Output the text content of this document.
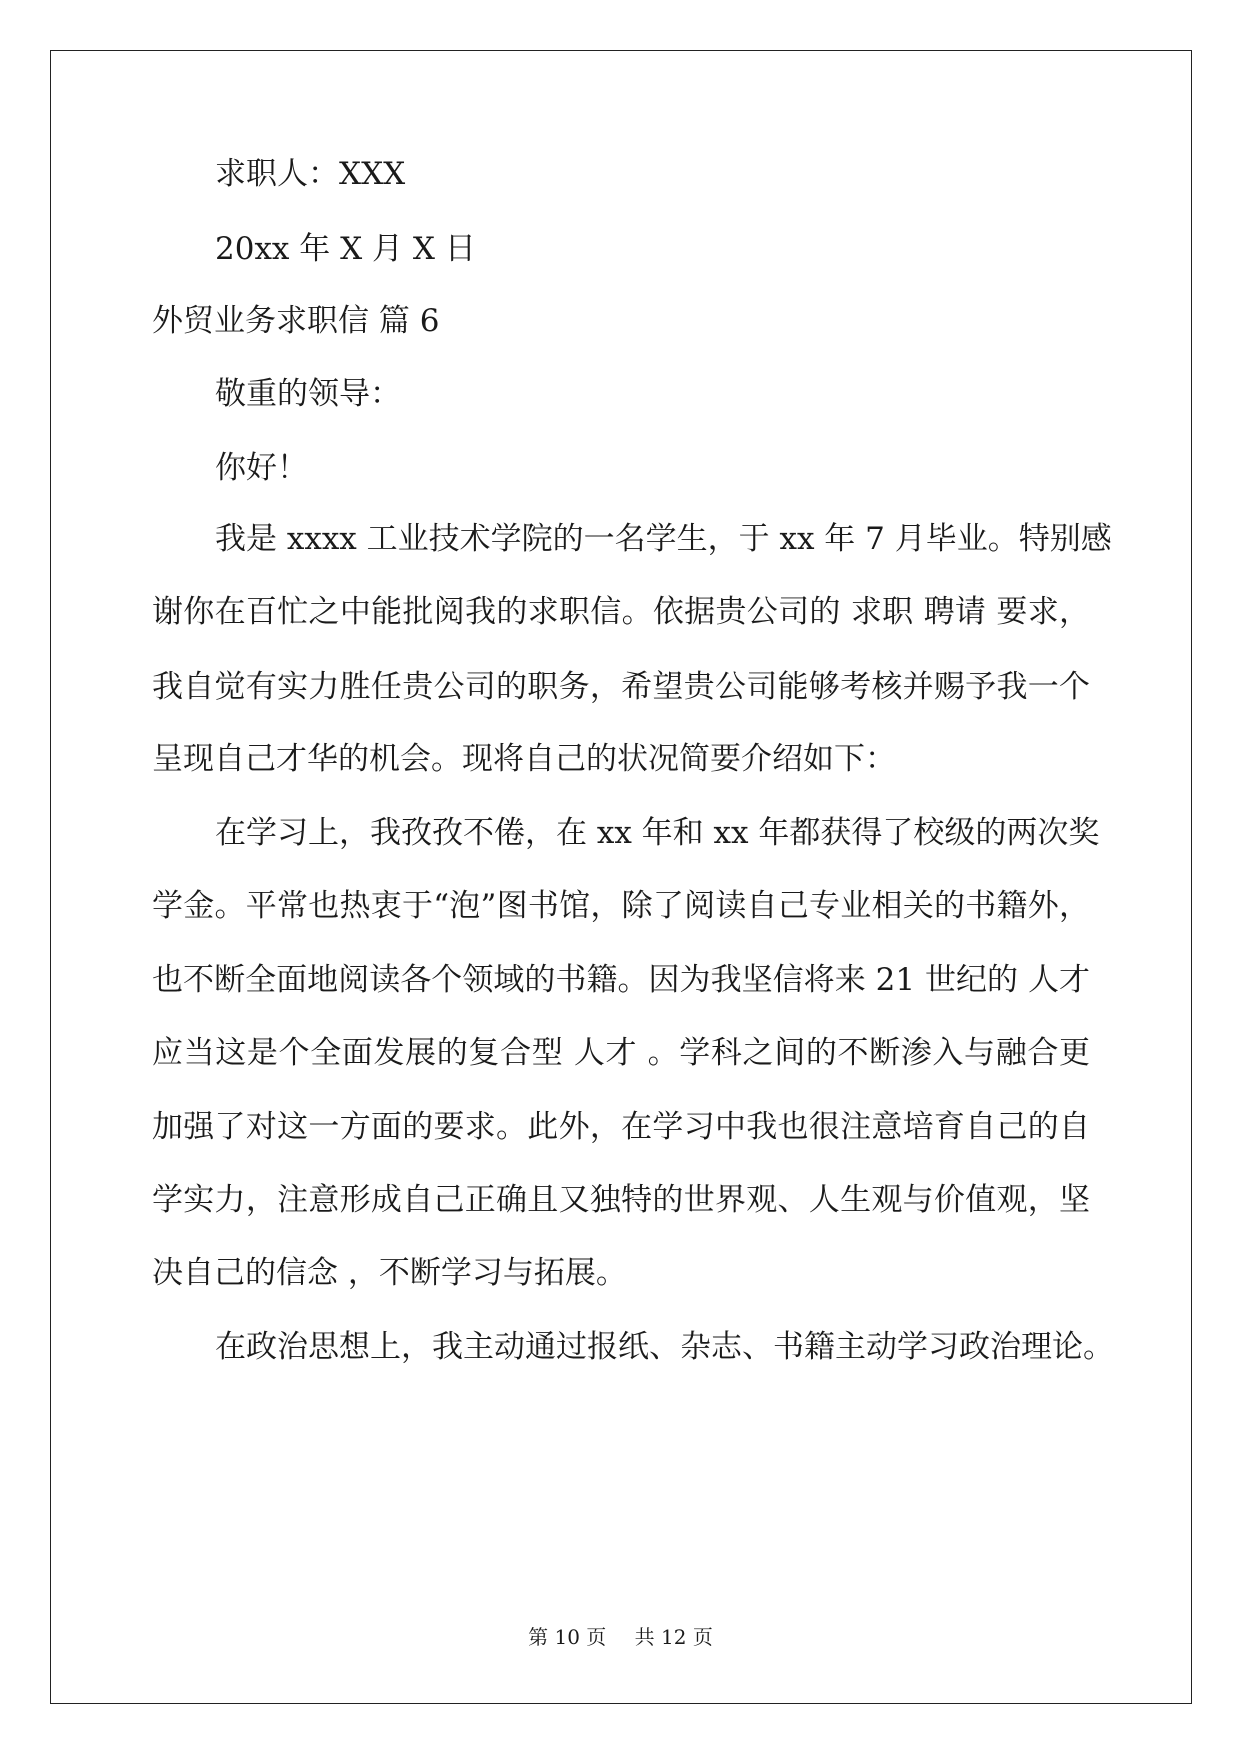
求职人：XXX
20xx 年 X 月 X 日
外贸业务求职信 篇 6
敬重的领导：
你好！
我是 xxxx 工业技术学院的一名学生，于 xx 年 7 月毕业。特别感
谢你在百忙之中能批阅我的求职信。依据贵公司的 求职 聘请 要求，
我自觉有实力胜任贵公司的职务，希望贵公司能够考核并赐予我一个
呈现自己才华的机会。现将自己的状况简要介绍如下：
在学习上，我孜孜不倦，在 xx 年和 xx 年都获得了校级的两次奖
学金。平常也热衷于“泡”图书馆，除了阅读自己专业相关的书籍外，
也不断全面地阅读各个领域的书籍。因为我坚信将来 21 世纪的 人才
应当这是个全面发展的复合型 人才 。学科之间的不断渗入与融合更
加强了对这一方面的要求。此外，在学习中我也很注意培育自己的自
学实力，注意形成自己正确且又独特的世界观、人生观与价值观，坚
决自己的信念 ，不断学习与拓展。
在政治思想上，我主动通过报纸、杂志、书籍主动学习政治理论。
第 10 页 共 12 页
